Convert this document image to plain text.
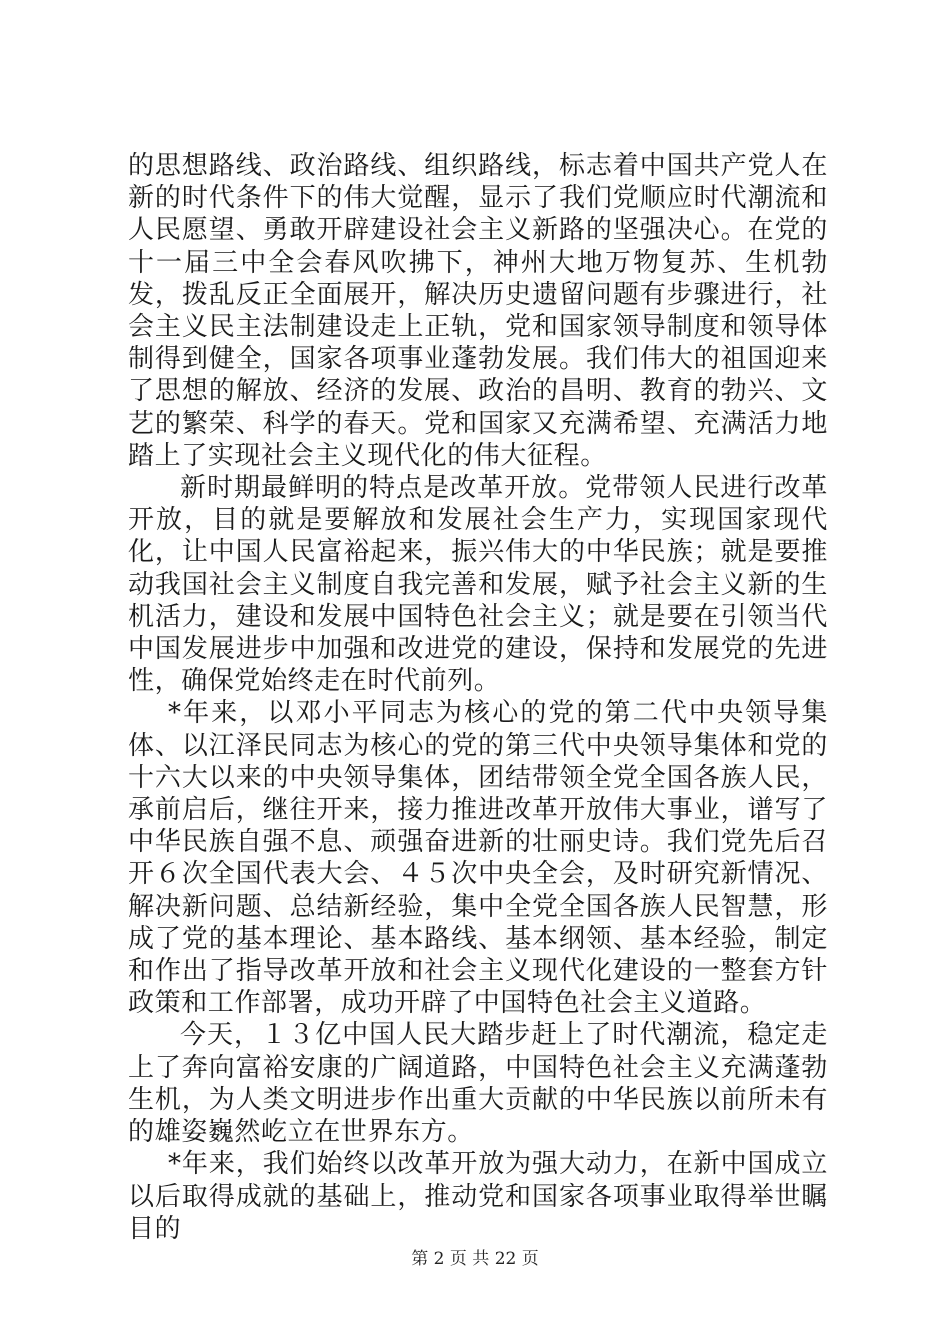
的思想路线、政治路线、组织路线，标志着中国共产党人在新的时代条件下的伟大觉醒，显示了我们党顺应时代潮流和人民愿望、勇敢开辟建设社会主义新路的坚强决心。在党的十一届三中全会春风吹拂下，神州大地万物复苏、生机勃发，拨乱反正全面展开，解决历史遗留问题有步骤进行，社会主义民主法制建设走上正轨，党和国家领导制度和领导体制得到健全，国家各项事业蓬勃发展。我们伟大的祖国迎来了思想的解放、经济的发展、政治的昌明、教育的勃兴、文艺的繁荣、科学的春天。党和国家又充满希望、充满活力地踏上了实现社会主义现代化的伟大征程。

新时期最鲜明的特点是改革开放。党带领人民进行改革开放，目的就是要解放和发展社会生产力，实现国家现代化，让中国人民富裕起来，振兴伟大的中华民族；就是要推动我国社会主义制度自我完善和发展，赋予社会主义新的生机活力，建设和发展中国特色社会主义；就是要在引领当代中国发展进步中加强和改进党的建设，保持和发展党的先进性，确保党始终走在时代前列。

*年来，以邓小平同志为核心的党的第二代中央领导集体、以江泽民同志为核心的党的第三代中央领导集体和党的十六大以来的中央领导集体，团结带领全党全国各族人民，承前启后，继往开来，接力推进改革开放伟大事业，谱写了中华民族自强不息、顽强奋进新的壮丽史诗。我们党先后召开６次全国代表大会、４５次中央全会，及时研究新情况、解决新问题、总结新经验，集中全党全国各族人民智慧，形成了党的基本理论、基本路线、基本纲领、基本经验，制定和作出了指导改革开放和社会主义现代化建设的一整套方针政策和工作部署，成功开辟了中国特色社会主义道路。

今天，１３亿中国人民大踏步赶上了时代潮流，稳定走上了奔向富裕安康的广阔道路，中国特色社会主义充满蓬勃生机，为人类文明进步作出重大贡献的中华民族以前所未有的雄姿巍然屹立在世界东方。

*年来，我们始终以改革开放为强大动力，在新中国成立以后取得成就的基础上，推动党和国家各项事业取得举世瞩目的

第 2 页 共 22 页
